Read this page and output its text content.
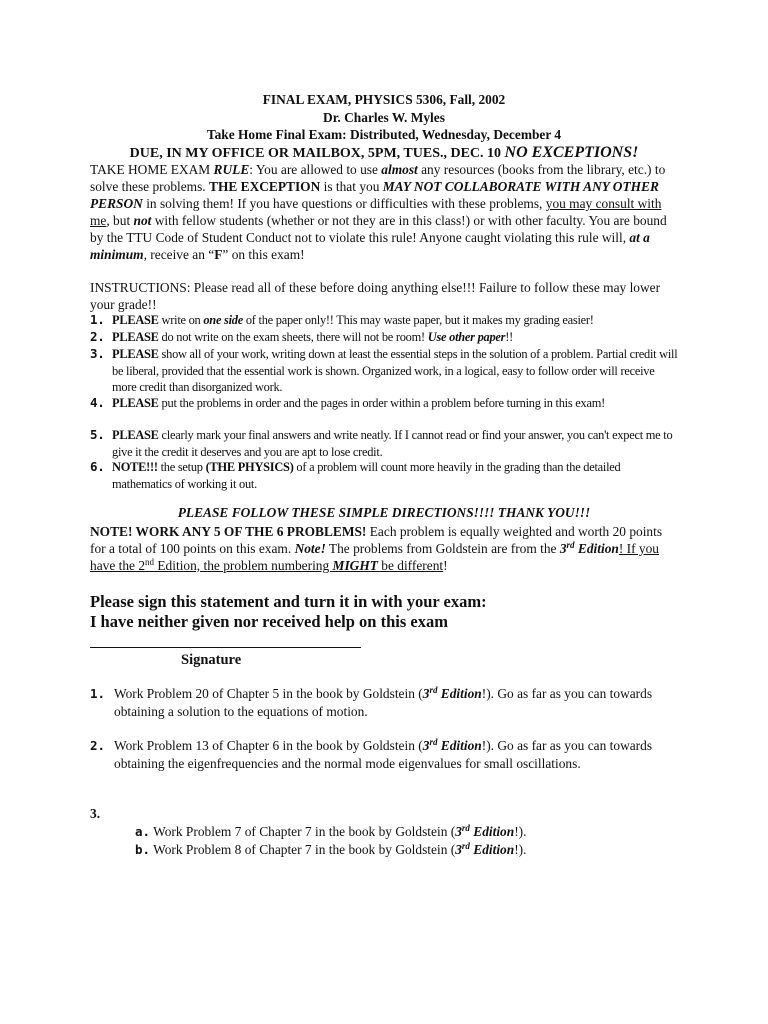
FINAL EXAM, PHYSICS 5306, Fall, 2002
Dr. Charles W. Myles
Take Home Final Exam: Distributed, Wednesday, December 4
DUE, IN MY OFFICE OR MAILBOX, 5PM, TUES., DEC. 10 NO EXCEPTIONS!
TAKE HOME EXAM RULE: You are allowed to use almost any resources (books from the library, etc.) to solve these problems. THE EXCEPTION is that you MAY NOT COLLABORATE WITH ANY OTHER PERSON in solving them! If you have questions or difficulties with these problems, you may consult with me, but not with fellow students (whether or not they are in this class!) or with other faculty. You are bound by the TTU Code of Student Conduct not to violate this rule! Anyone caught violating this rule will, at a minimum, receive an “F” on this exam!
INSTRUCTIONS: Please read all of these before doing anything else!!! Failure to follow these may lower your grade!!
1. PLEASE write on one side of the paper only!! This may waste paper, but it makes my grading easier!
2. PLEASE do not write on the exam sheets, there will not be room! Use other paper!!
3. PLEASE show all of your work, writing down at least the essential steps in the solution of a problem. Partial credit will be liberal, provided that the essential work is shown. Organized work, in a logical, easy to follow order will receive more credit than disorganized work.
4. PLEASE put the problems in order and the pages in order within a problem before turning in this exam!
5. PLEASE clearly mark your final answers and write neatly. If I cannot read or find your answer, you can't expect me to give it the credit it deserves and you are apt to lose credit.
6. NOTE!!! the setup (THE PHYSICS) of a problem will count more heavily in the grading than the detailed mathematics of working it out.
PLEASE FOLLOW THESE SIMPLE DIRECTIONS!!!! THANK YOU!!!
NOTE! WORK ANY 5 OF THE 6 PROBLEMS! Each problem is equally weighted and worth 20 points for a total of 100 points on this exam. Note! The problems from Goldstein are from the 3rd Edition! If you have the 2nd Edition, the problem numbering MIGHT be different!
Please sign this statement and turn it in with your exam:
I have neither given nor received help on this exam
Signature
1. Work Problem 20 of Chapter 5 in the book by Goldstein (3rd Edition!). Go as far as you can towards obtaining a solution to the equations of motion.
2. Work Problem 13 of Chapter 6 in the book by Goldstein (3rd Edition!). Go as far as you can towards obtaining the eigenfrequencies and the normal mode eigenvalues for small oscillations.
3.
a. Work Problem 7 of Chapter 7 in the book by Goldstein (3rd Edition!).
b. Work Problem 8 of Chapter 7 in the book by Goldstein (3rd Edition!).
